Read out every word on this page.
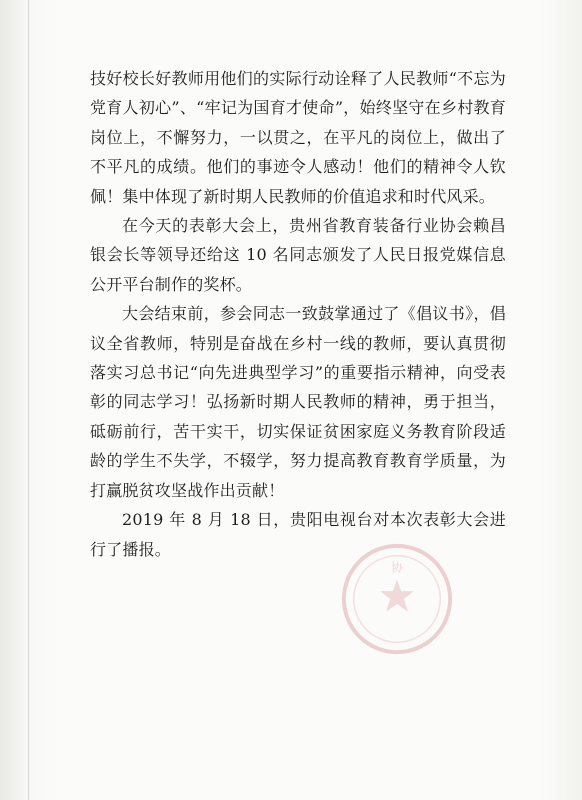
技好校长好教师用他们的实际行动诠释了人民教师“不忘为党育人初心”、“牢记为国育才使命”，始终坚守在乡村教育岗位上，不懈努力，一以贯之，在平凡的岗位上，做出了不平凡的成绩。他们的事迹令人感动！他们的精神令人钦佩！集中体现了新时期人民教师的价值追求和时代风采。

在今天的表彰大会上，贵州省教育装备行业协会赖昌银会长等领导还给这 10 名同志颁发了人民日报党媒信息公开平台制作的奖杯。

大会结束前，参会同志一致鼓掌通过了《倡议书》，倡议全省教师，特别是奋战在乡村一线的教师，要认真贯彻落实习总书记“向先进典型学习”的重要指示精神，向受表彰的同志学习！弘扬新时期人民教师的精神，勇于担当，砥砺前行，苦干实干，切实保证贫困家庭义务教育阶段适龄的学生不失学，不辍学，努力提高教育教育学质量，为打赢脱贫攻坚战作出贡献！

2019 年 8 月 18 日，贵阳电视台对本次表彰大会进行了播报。

协
